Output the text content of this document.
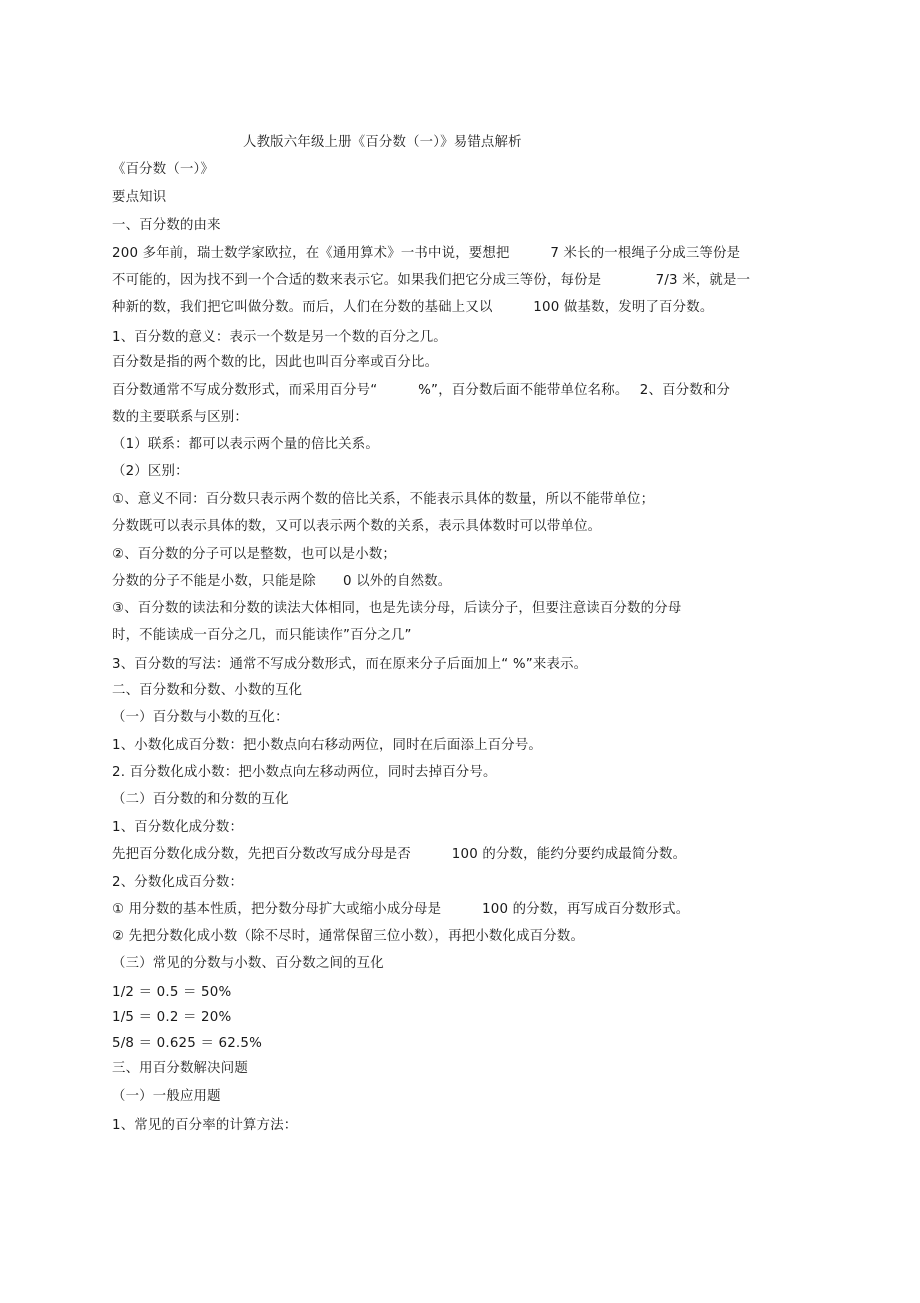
人教版六年级上册《百分数（一）》易错点解析
《百分数（一）》
要点知识
一、百分数的由来
200 多年前，瑞士数学家欧拉，在《通用算术》一书中说，要想把　　　7 米长的一根绳子分成三等份是
不可能的，因为找不到一个合适的数来表示它。如果我们把它分成三等份，每份是　　　　7/3 米，就是一
种新的数，我们把它叫做分数。而后，人们在分数的基础上又以　　　100 做基数，发明了百分数。
1、百分数的意义：表示一个数是另一个数的百分之几。
百分数是指的两个数的比，因此也叫百分率或百分比。
百分数通常不写成分数形式，而采用百分号“　　　%”，百分数后面不能带单位名称。　 2、百分数和分
数的主要联系与区别：
（1）联系：都可以表示两个量的倍比关系。
（2）区别：
①、意义不同：百分数只表示两个数的倍比关系，不能表示具体的数量，所以不能带单位；
分数既可以表示具体的数，又可以表示两个数的关系，表示具体数时可以带单位。
②、百分数的分子可以是整数，也可以是小数；
分数的分子不能是小数，只能是除　　0 以外的自然数。
③、百分数的读法和分数的读法大体相同，也是先读分母，后读分子，但要注意读百分数的分母
时，不能读成一百分之几，而只能读作”百分之几”
3、百分数的写法：通常不写成分数形式，而在原来分子后面加上“ %”来表示。
二、百分数和分数、小数的互化
（一）百分数与小数的互化：
1、小数化成百分数：把小数点向右移动两位，同时在后面添上百分号。
2. 百分数化成小数：把小数点向左移动两位，同时去掉百分号。
（二）百分数的和分数的互化
1、百分数化成分数：
先把百分数化成分数，先把百分数改写成分母是否　　　100 的分数，能约分要约成最简分数。
2、分数化成百分数：
① 用分数的基本性质，把分数分母扩大或缩小成分母是　　　100 的分数，再写成百分数形式。
② 先把分数化成小数（除不尽时，通常保留三位小数），再把小数化成百分数。
（三）常见的分数与小数、百分数之间的互化
1/2 ＝ 0.5 ＝ 50%
1/5 ＝ 0.2 ＝ 20%
5/8 ＝ 0.625 ＝ 62.5%
三、用百分数解决问题
（一）一般应用题
1、常见的百分率的计算方法：
